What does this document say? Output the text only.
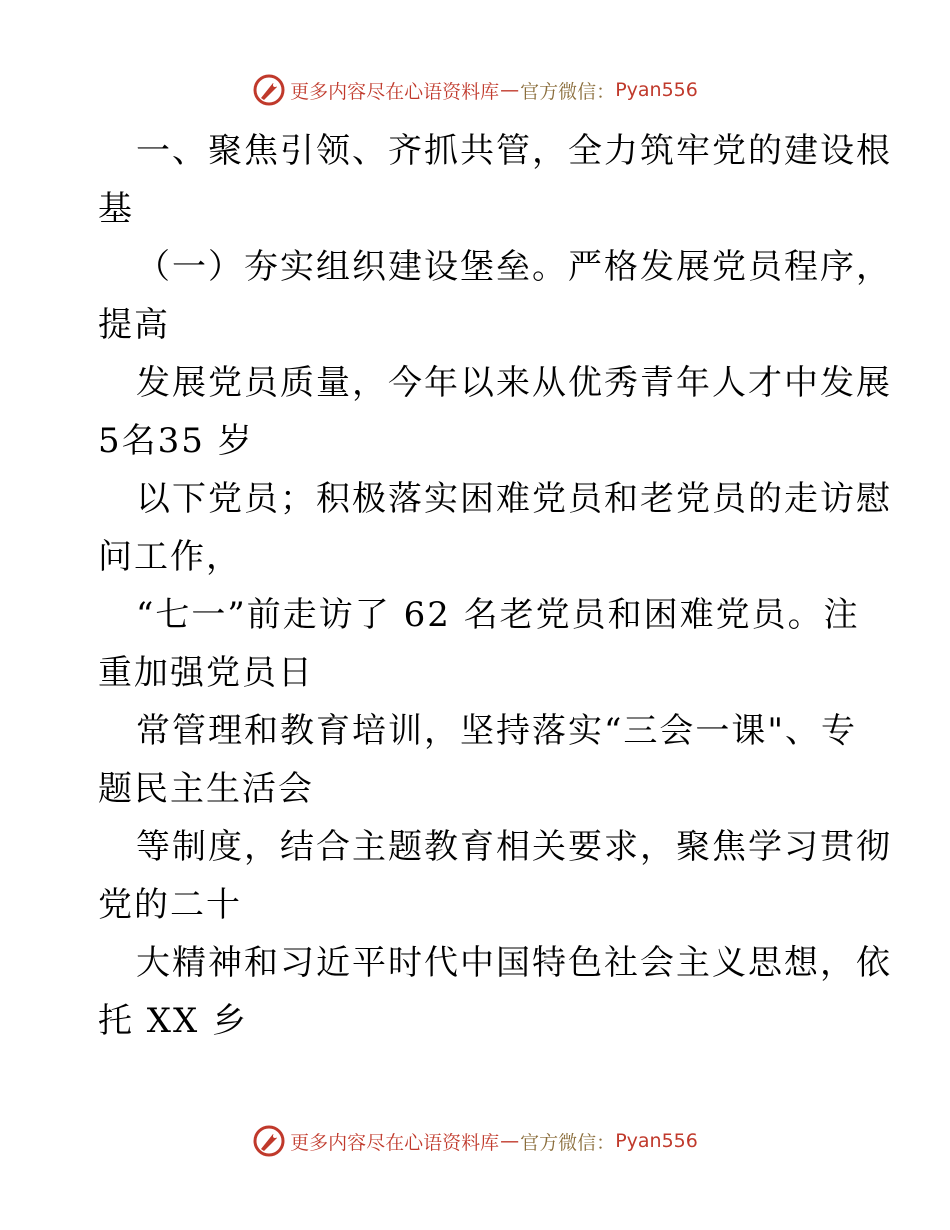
更多内容尽在心语资料库 — 官方微信： Pyan556
一、聚焦引领、齐抓共管，全力筑牢党的建设根
基
（一）夯实组织建设堡垒。严格发展党员程序，
提高
发展党员质量，今年以来从优秀青年人才中发展
5名35 岁
以下党员；积极落实困难党员和老党员的走访慰
问工作，
“七一”前走访了 62 名老党员和困难党员。注
重加强党员日
常管理和教育培训，坚持落实“三会一课"、专
题民主生活会
等制度，结合主题教育相关要求，聚焦学习贯彻
党的二十
大精神和习近平时代中国特色社会主义思想，依
托 XX 乡
更多内容尽在心语资料库 — 官方微信： Pyan556
